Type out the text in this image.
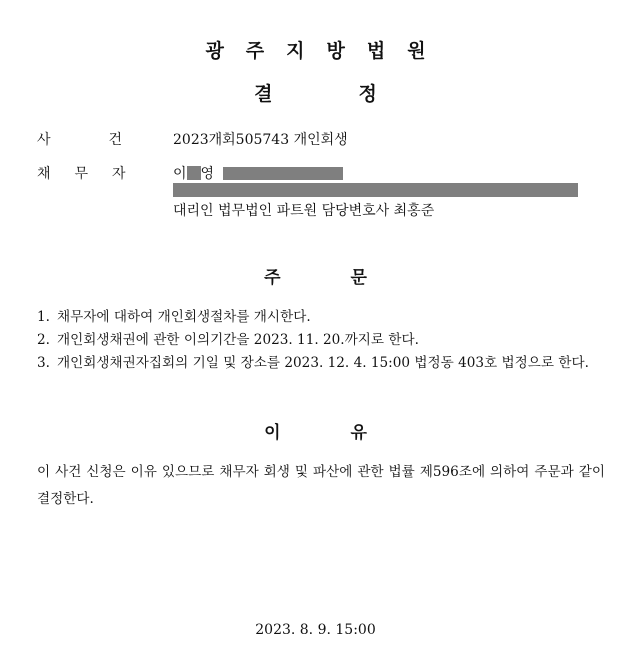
광주지방법원
결정
사건
2023개회505743 개인회생
채무자 이 영
대리인 법무법인 파트원 담당변호사 최홍준
주문
1. 채무자에 대하여 개인회생절차를 개시한다.
2. 개인회생채권에 관한 이의기간을 2023. 11. 20.까지로 한다.
3. 개인회생채권자집회의 기일 및 장소를 2023. 12. 4. 15:00 법정동 403호 법정으로 한다.
이유
이 사건 신청은 이유 있으므로 채무자 회생 및 파산에 관한 법률 제596조에 의하여 주문과 같이 결정한다.
2023. 8. 9. 15:00
